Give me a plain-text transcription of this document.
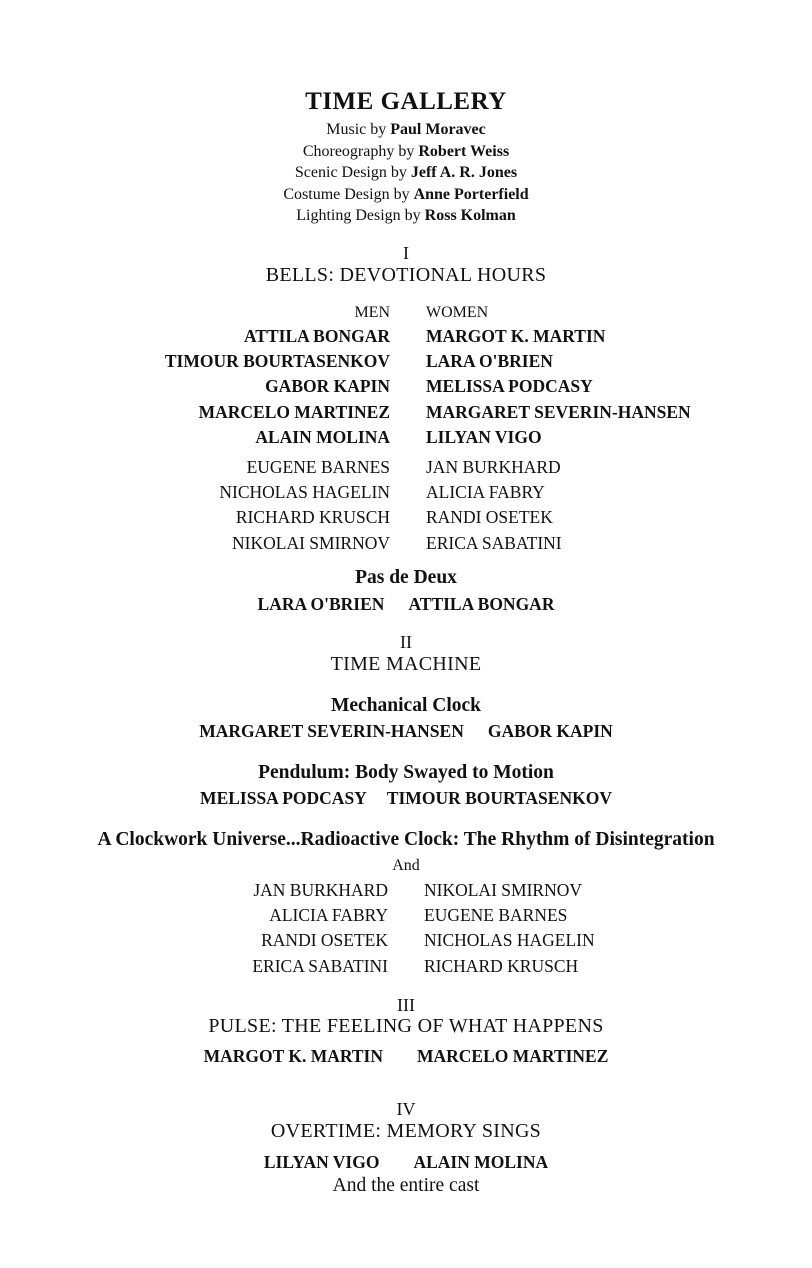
TIME GALLERY
Music by Paul Moravec
Choreography by Robert Weiss
Scenic Design by Jeff A. R. Jones
Costume Design by Anne Porterfield
Lighting Design by Ross Kolman
I
BELLS: DEVOTIONAL HOURS
MEN
ATTILA BONGAR
TIMOUR BOURTASENKOV
GABOR KAPIN
MARCELO MARTINEZ
ALAIN MOLINA
EUGENE BARNES
NICHOLAS HAGELIN
RICHARD KRUSCH
NIKOLAI SMIRNOV
WOMEN
MARGOT K. MARTIN
LARA O'BRIEN
MELISSA PODCASY
MARGARET SEVERIN-HANSEN
LILYAN VIGO
JAN BURKHARD
ALICIA FABRY
RANDI OSETEK
ERICA SABATINI
Pas de Deux
LARA O'BRIEN ATTILA BONGAR
II
TIME MACHINE
Mechanical Clock
MARGARET SEVERIN-HANSEN GABOR KAPIN
Pendulum: Body Swayed to Motion
MELISSA PODCASY TIMOUR BOURTASENKOV
A Clockwork Universe...Radioactive Clock: The Rhythm of Disintegration
And
JAN BURKHARD
ALICIA FABRY
RANDI OSETEK
ERICA SABATINI
NIKOLAI SMIRNOV
EUGENE BARNES
NICHOLAS HAGELIN
RICHARD KRUSCH
III
PULSE: THE FEELING OF WHAT HAPPENS
MARGOT K. MARTIN MARCELO MARTINEZ
IV
OVERTIME: MEMORY SINGS
LILYAN VIGO ALAIN MOLINA
And the entire cast
